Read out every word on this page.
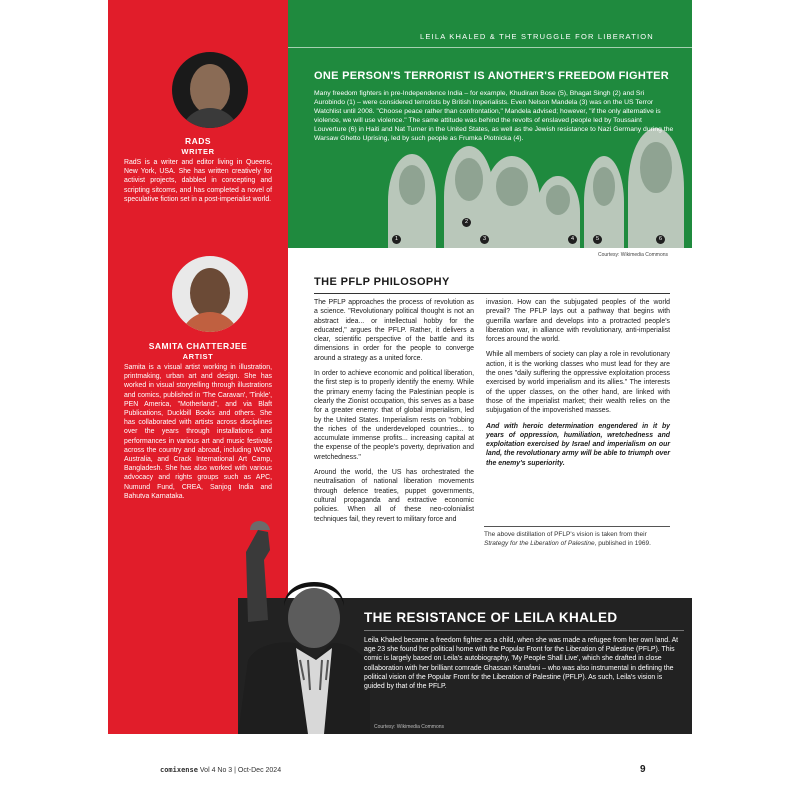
RADS
WRITER
RadS is a writer and editor living in Queens, New York, USA. She has written creatively for activist projects, dabbled in concepting and scripting sitcoms, and has completed a novel of speculative fiction set in a post-imperialist world.
SAMITA CHATTERJEE
ARTIST
Samita is a visual artist working in illustration, printmaking, urban art and design. She has worked in visual storytelling through illustrations and comics, published in 'The Caravan', 'Tinkle', PEN America, "Motherland", and via Blaft Publications, Duckbill Books and others. She has collaborated with artists across disciplines over the years through installations and performances in various art and music festivals across the country and abroad, including WOW Australia, and Crack International Art Camp, Bangladesh. She has also worked with various advocacy and rights groups such as APC, Numund Fund, CREA, Sanjog India and Bahutva Karnataka.
LEILA KHALED & THE STRUGGLE FOR LIBERATION
ONE PERSON'S TERRORIST IS ANOTHER'S FREEDOM FIGHTER
Many freedom fighters in pre-Independence India – for example, Khudiram Bose (5), Bhagat Singh (2) and Sri Aurobindo (1) – were considered terrorists by British Imperialists. Even Nelson Mandela (3) was on the US Terror Watchlist until 2008. "Choose peace rather than confrontation," Mandela advised; however, "if the only alternative is violence, we will use violence." The same attitude was behind the revolts of enslaved people led by Toussaint Louverture (6) in Haiti and Nat Turner in the United States, as well as the Jewish resistance to Nazi Germany during the Warsaw Ghetto Uprising, led by such people as Frumka Plotnicka (4).
1
2
3	4	5	6
Courtesy: Wikimedia Commons
THE PFLP PHILOSOPHY

The PFLP approaches the process of revolution as a science. "Revolutionary political thought is not an abstract idea... or intellectual hobby for the educated," argues the PFLP. Rather, it delivers a clear, scientific perspective of the battle and its dimensions in order for the people to converge around a strategy as a united force.

In order to achieve economic and political liberation, the first step is to properly identify the enemy. While the primary enemy facing the Palestinian people is clearly the Zionist occupation, this serves as a base for a greater enemy: that of global imperialism, led by the United States. Imperialism rests on "robbing the riches of the underdeveloped countries... to accumulate immense profits... increasing capital at the expense of the people's poverty, deprivation and wretchedness."

Around the world, the US has orchestrated the neutralisation of national liberation movements through defence treaties, puppet governments, cultural propaganda and extractive economic policies. When all of these neo-colonialist techniques fail, they revert to military force and

invasion. How can the subjugated peoples of the world prevail? The PFLP lays out a pathway that begins with guerrilla warfare and develops into a protracted people's liberation war, in alliance with revolutionary, anti-imperialist forces around the world.

While all members of society can play a role in revolutionary action, it is the working classes who must lead for they are the ones "daily suffering the oppressive exploitation process exercised by world imperialism and its allies." The interests of the upper classes, on the other hand, are linked with those of the imperialist market; their wealth relies on the subjugation of the impoverished masses.

And with heroic determination engendered in it by years of oppression, humiliation, wretchedness and exploitation exercised by Israel and imperialism on our land, the revolutionary army will be able to triumph over the enemy's superiority.

The above distillation of PFLP's vision is taken from their Strategy for the Liberation of Palestine, published in 1969.
THE RESISTANCE OF LEILA KHALED
Leila Khaled became a freedom fighter as a child, when she was made a refugee from her own land. At age 23 she found her political home with the Popular Front for the Liberation of Palestine (PFLP). This comic is largely based on Leila's autobiography, 'My People Shall Live', which she drafted in close collaboration with her brilliant comrade Ghassan Kanafani – who was also instrumental in defining the political vision of the Popular Front for the Liberation of Palestine (PFLP). As such, Leila's vision is guided by that of the PFLP.
Courtesy: Wikimedia Commons
comixense Vol 4 No 3 | Oct-Dec 2024	9
